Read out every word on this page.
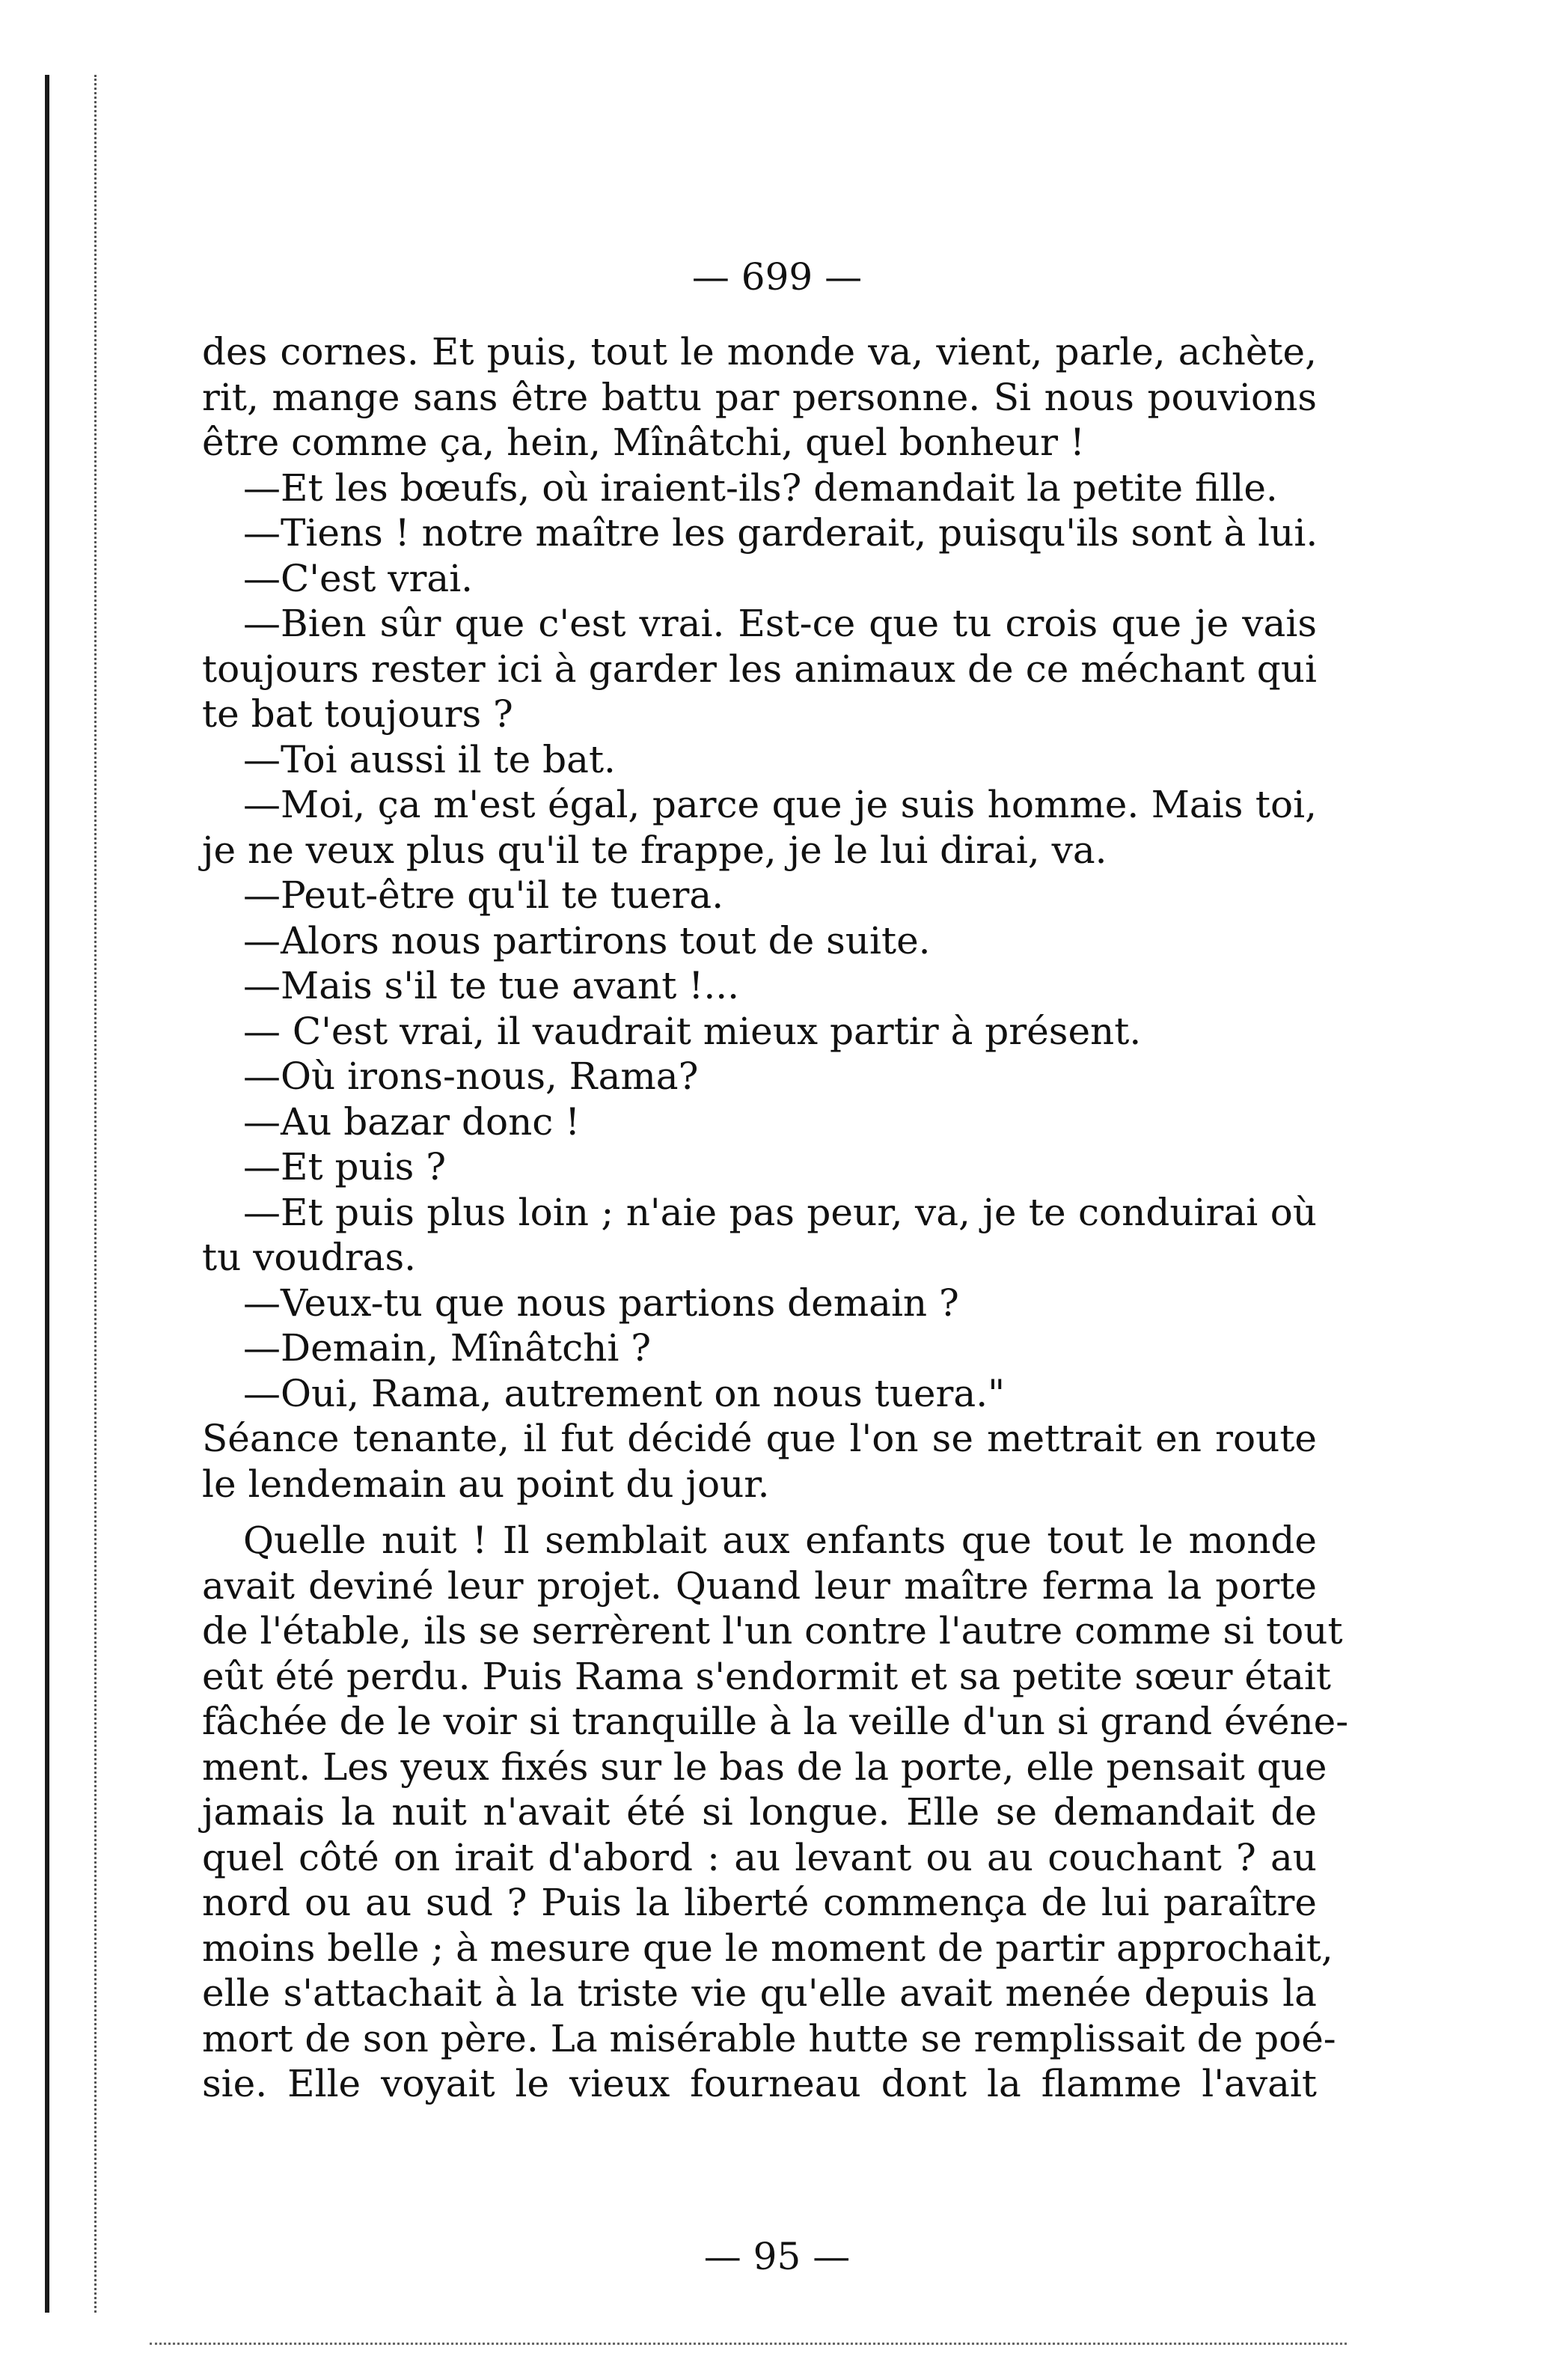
— 699 —
des cornes. Et puis, tout le monde va, vient, parle, achète,
rit, mange sans être battu par personne. Si nous pouvions
être comme ça, hein, Mînâtchi, quel bonheur !
—Et les bœufs, où iraient-ils? demandait la petite fille.
—Tiens ! notre maître les garderait, puisqu'ils sont à lui.
—C'est vrai.
—Bien sûr que c'est vrai. Est-ce que tu crois que je vais
toujours rester ici à garder les animaux de ce méchant qui
te bat toujours ?
—Toi aussi il te bat.
—Moi, ça m'est égal, parce que je suis homme. Mais toi,
je ne veux plus qu'il te frappe, je le lui dirai, va.
—Peut-être qu'il te tuera.
—Alors nous partirons tout de suite.
—Mais s'il te tue avant !...
— C'est vrai, il vaudrait mieux partir à présent.
—Où irons-nous, Rama?
—Au bazar donc !
—Et puis ?
—Et puis plus loin ; n'aie pas peur, va, je te conduirai où
tu voudras.
—Veux-tu que nous partions demain ?
—Demain, Mînâtchi ?
—Oui, Rama, autrement on nous tuera."
Séance tenante, il fut décidé que l'on se mettrait en route
le lendemain au point du jour.
Quelle nuit ! Il semblait aux enfants que tout le monde
avait deviné leur projet. Quand leur maître ferma la porte
de l'étable, ils se serrèrent l'un contre l'autre comme si tout
eût été perdu. Puis Rama s'endormit et sa petite sœur était
fâchée de le voir si tranquille à la veille d'un si grand événe-
ment. Les yeux fixés sur le bas de la porte, elle pensait que
jamais la nuit n'avait été si longue. Elle se demandait de
quel côté on irait d'abord : au levant ou au couchant ? au
nord ou au sud ? Puis la liberté commença de lui paraître
moins belle ; à mesure que le moment de partir approchait,
elle s'attachait à la triste vie qu'elle avait menée depuis la
mort de son père. La misérable hutte se remplissait de poé-
sie. Elle voyait le vieux fourneau dont la flamme l'avait
— 95 —
